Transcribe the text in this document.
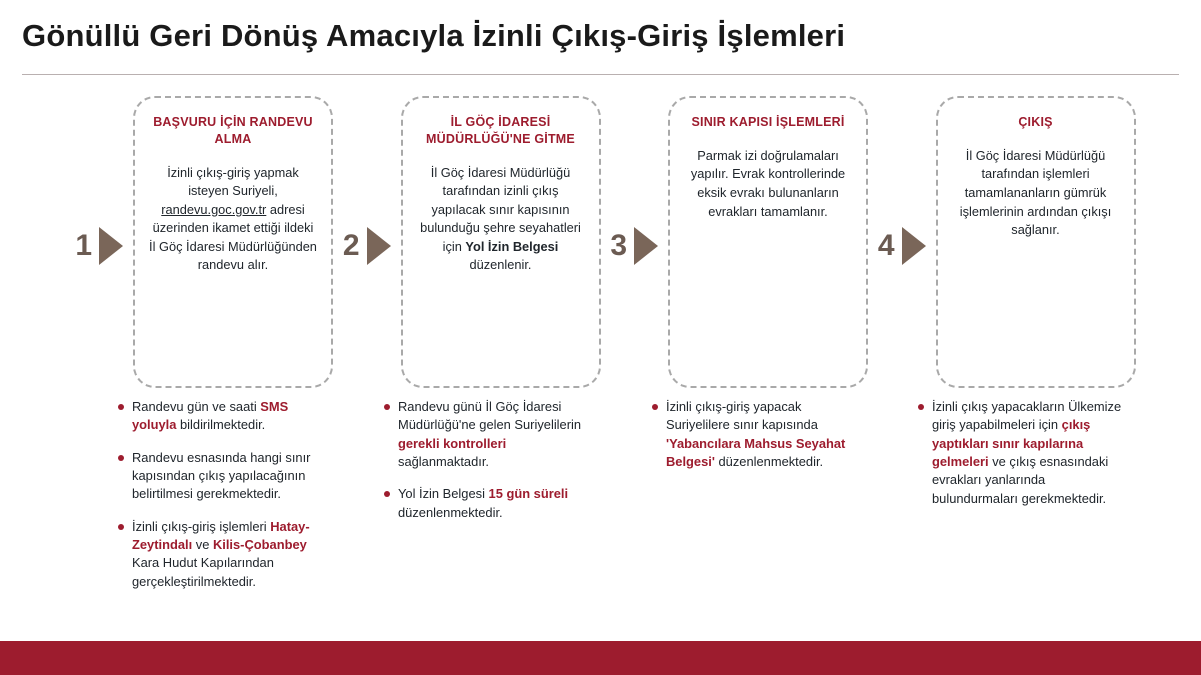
Gönüllü Geri Dönüş Amacıyla İzinli Çıkış-Giriş İşlemleri
1
BAŞVURU İÇİN RANDEVU ALMA
İzinli çıkış-giriş yapmak isteyen Suriyeli, randevu.goc.gov.tr adresi üzerinden ikamet ettiği ildeki İl Göç İdaresi Müdürlüğünden randevu alır.
2
İL GÖÇ İDARESİ MÜDÜRLÜĞÜ'NE GİTME
İl Göç İdaresi Müdürlüğü tarafından izinli çıkış yapılacak sınır kapısının bulunduğu şehre seyahatleri için Yol İzin Belgesi düzenlenir.
3
SINIR KAPISI İŞLEMLERİ
Parmak izi doğrulamaları yapılır. Evrak kontrollerinde eksik evrakı bulunanların evrakları tamamlanır.
4
ÇIKIŞ
İl Göç İdaresi Müdürlüğü tarafından işlemleri tamamlananların gümrük işlemlerinin ardından çıkışı sağlanır.
Randevu gün ve saati SMS yoluyla bildirilmektedir.
Randevu esnasında hangi sınır kapısından çıkış yapılacağının belirtilmesi gerekmektedir.
İzinli çıkış-giriş işlemleri Hatay-Zeytindalı ve Kilis-Çobanbey Kara Hudut Kapılarından gerçekleştirilmektedir.
Randevu günü İl Göç İdaresi Müdürlüğü'ne gelen Suriyelilerin gerekli kontrolleri sağlanmaktadır.
Yol İzin Belgesi 15 gün süreli düzenlenmektedir.
İzinli çıkış-giriş yapacak Suriyelilere sınır kapısında 'Yabancılara Mahsus Seyahat Belgesi' düzenlenmektedir.
İzinli çıkış yapacakların Ülkemize giriş yapabilmeleri için çıkış yaptıkları sınır kapılarına gelmeleri ve çıkış esnasındaki evrakları yanlarında bulundurmaları gerekmektedir.
